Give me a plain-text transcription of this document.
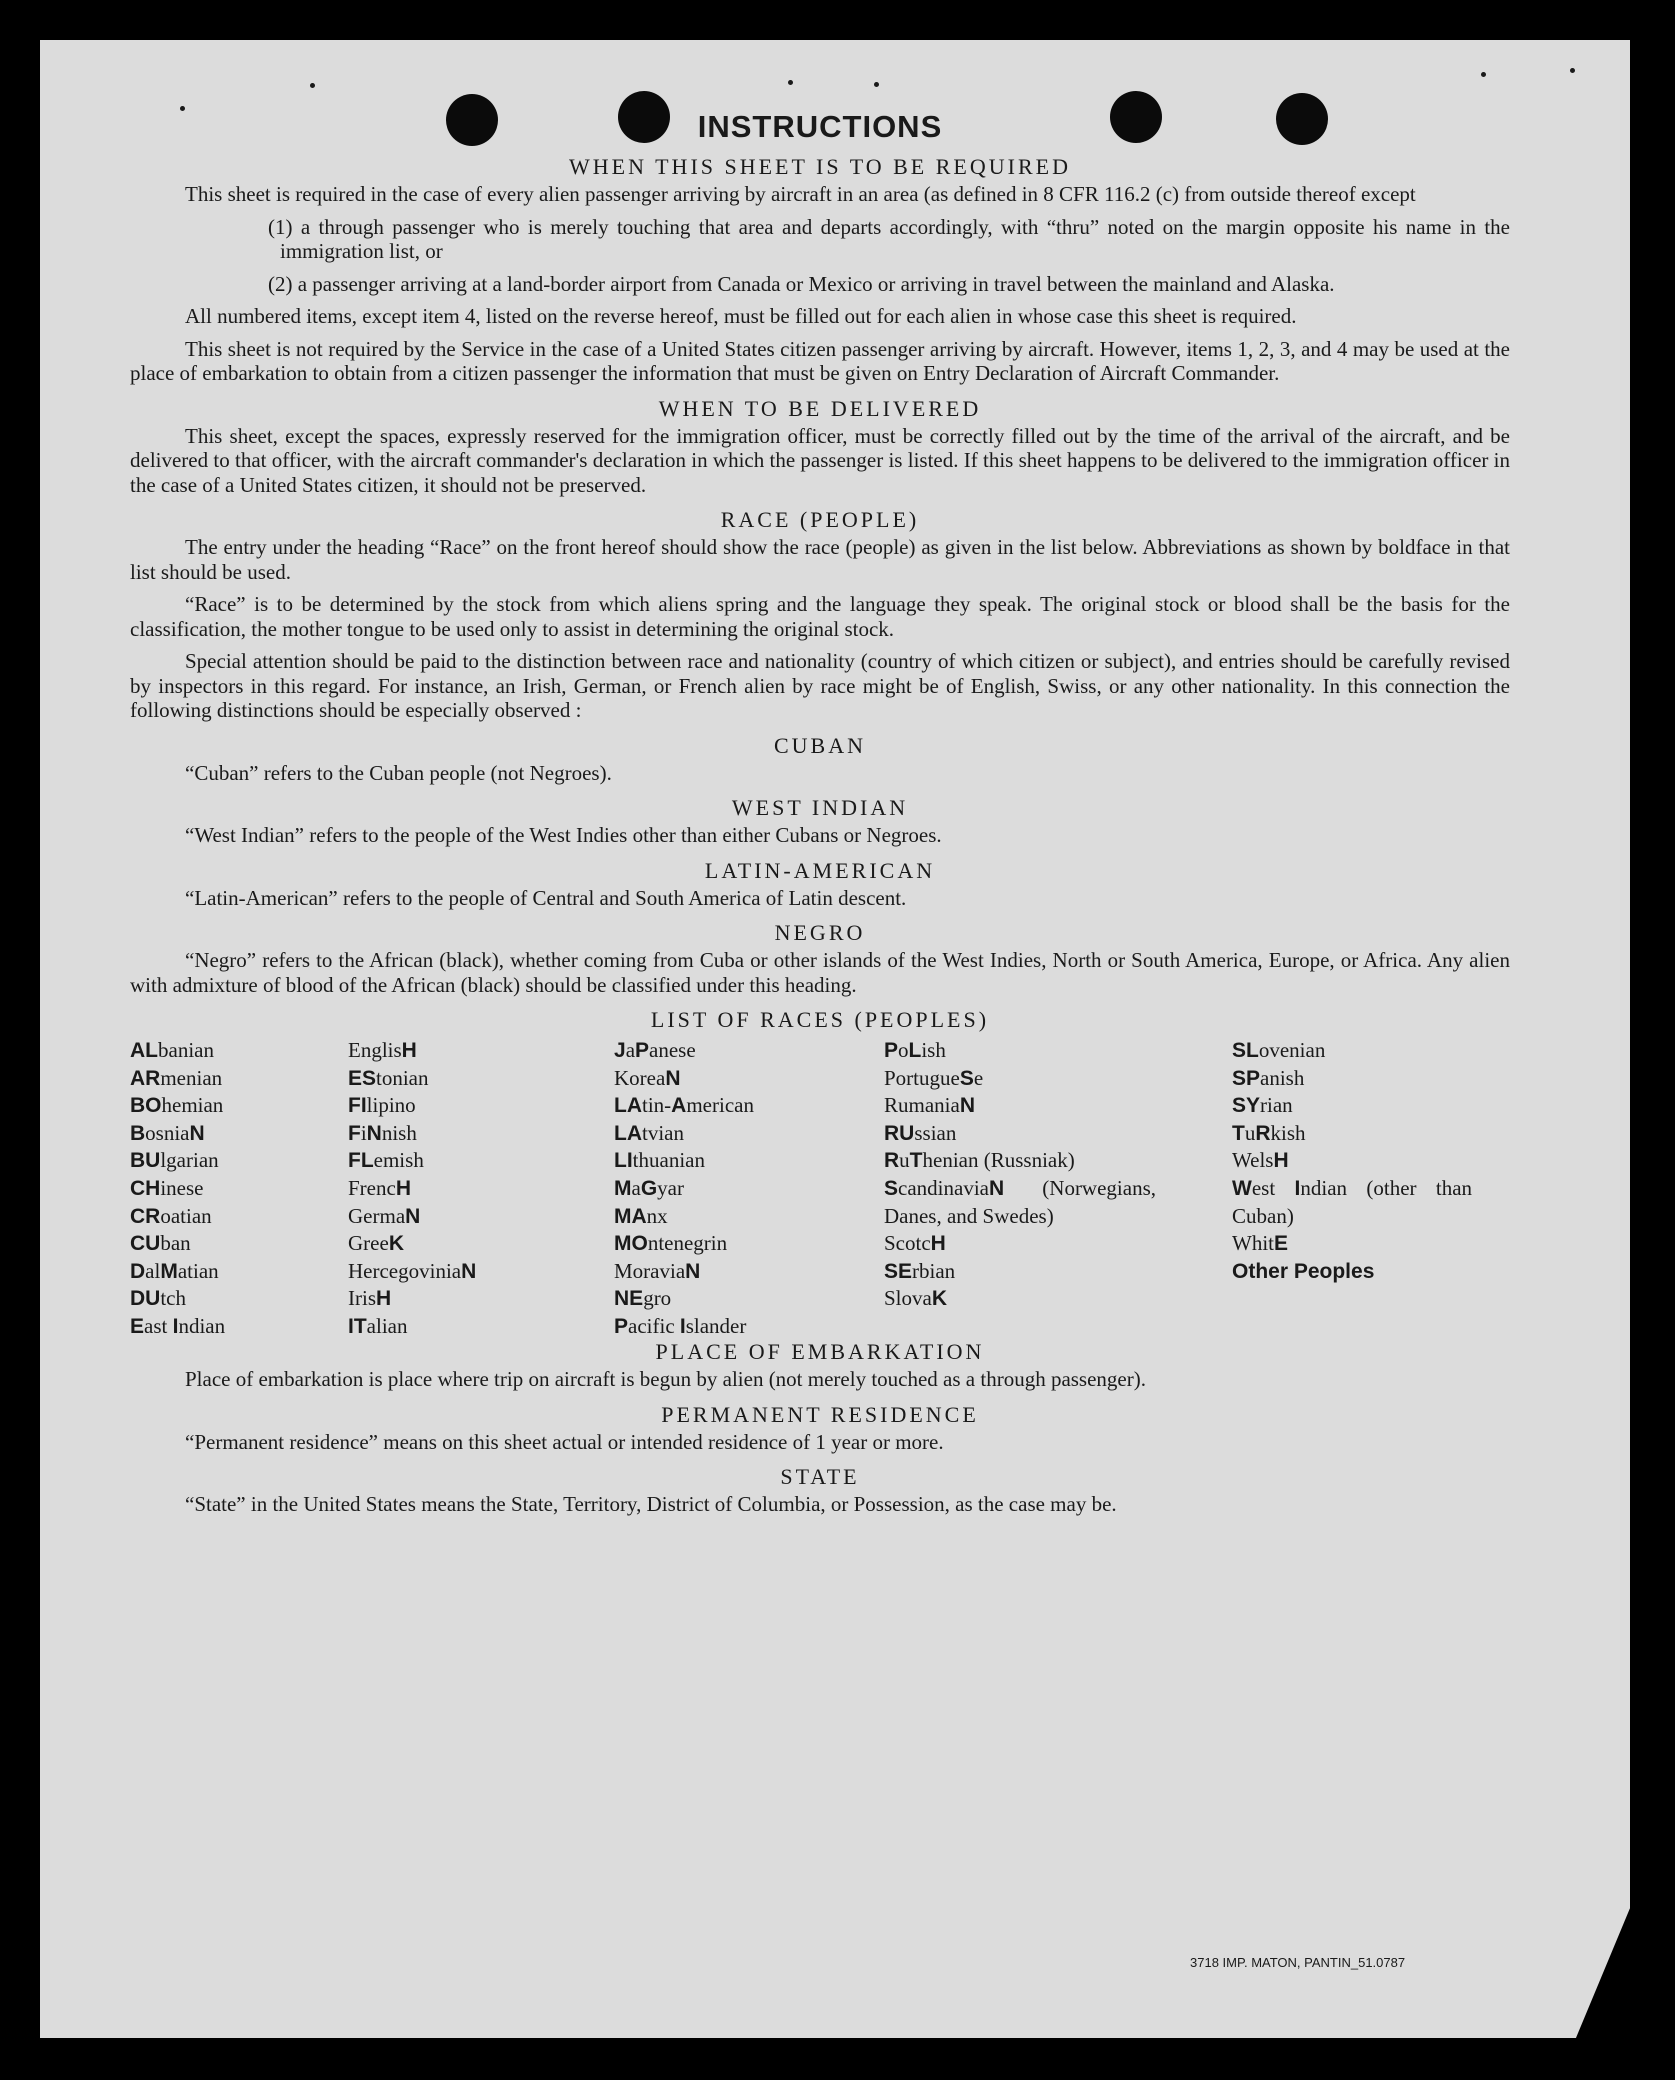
INSTRUCTIONS
WHEN THIS SHEET IS TO BE REQUIRED

This sheet is required in the case of every alien passenger arriving by aircraft in an area (as defined in 8 CFR 116.2 (c) from outside thereof except

(1) a through passenger who is merely touching that area and departs accordingly, with “thru” noted on the margin opposite his name in the immigration list, or

(2) a passenger arriving at a land-border airport from Canada or Mexico or arriving in travel between the mainland and Alaska.

All numbered items, except item 4, listed on the reverse hereof, must be filled out for each alien in whose case this sheet is required.

This sheet is not required by the Service in the case of a United States citizen passenger arriving by aircraft. However, items 1, 2, 3, and 4 may be used at the place of embarkation to obtain from a citizen passenger the information that must be given on Entry Declaration of Aircraft Commander.

WHEN TO BE DELIVERED

This sheet, except the spaces, expressly reserved for the immigration officer, must be correctly filled out by the time of the arrival of the aircraft, and be delivered to that officer, with the aircraft commander's declaration in which the passenger is listed. If this sheet happens to be delivered to the immigration officer in the case of a United States citizen, it should not be preserved.

RACE (PEOPLE)

The entry under the heading “Race” on the front hereof should show the race (people) as given in the list below. Abbreviations as shown by boldface in that list should be used.

“Race” is to be determined by the stock from which aliens spring and the language they speak. The original stock or blood shall be the basis for the classification, the mother tongue to be used only to assist in determining the original stock.

Special attention should be paid to the distinction between race and nationality (country of which citizen or subject), and entries should be carefully revised by inspectors in this regard. For instance, an Irish, German, or French alien by race might be of English, Swiss, or any other nationality. In this connection the following distinctions should be especially observed :

CUBAN

“Cuban” refers to the Cuban people (not Negroes).

WEST INDIAN

“West Indian” refers to the people of the West Indies other than either Cubans or Negroes.

LATIN-AMERICAN

“Latin-American” refers to the people of Central and South America of Latin descent.

NEGRO

“Negro” refers to the African (black), whether coming from Cuba or other islands of the West Indies, North or South America, Europe, or Africa. Any alien with admixture of blood of the African (black) should be classified under this heading.

LIST OF RACES (PEOPLES)
ALbanian
ARmenian
BOhemian
BosniaN
BUlgarian
CHinese
CRoatian
CUban
DalMatian
DUtch
East Indian
EnglisH
EStonian
FIlipino
FiNnish
FLemish
FrencH
GermaN
GreeK
HercegoviniaN
IrisH
ITalian
JaPanese
KoreaN
LAtin-American
LAtvian
LIthuanian
MaGyar
MAnx
MOntenegrin
MoraviaN
NEgro
Pacific Islander
PoLish
PortugueSe
RumaniaN
RUssian
RuThenian (Russniak)
ScandinaviaN (Norwegians, Danes, and Swedes)
ScotcH
SErbian
SlovaK
SLovenian
SPanish
SYrian
TuRkish
WelsH
West Indian (other than Cuban)
WhitE
Other Peoples
PLACE OF EMBARKATION

Place of embarkation is place where trip on aircraft is begun by alien (not merely touched as a through passenger).

PERMANENT RESIDENCE

“Permanent residence” means on this sheet actual or intended residence of 1 year or more.

STATE

“State” in the United States means the State, Territory, District of Columbia, or Possession, as the case may be.

3718 IMP. MATON, PANTIN_51.0787
